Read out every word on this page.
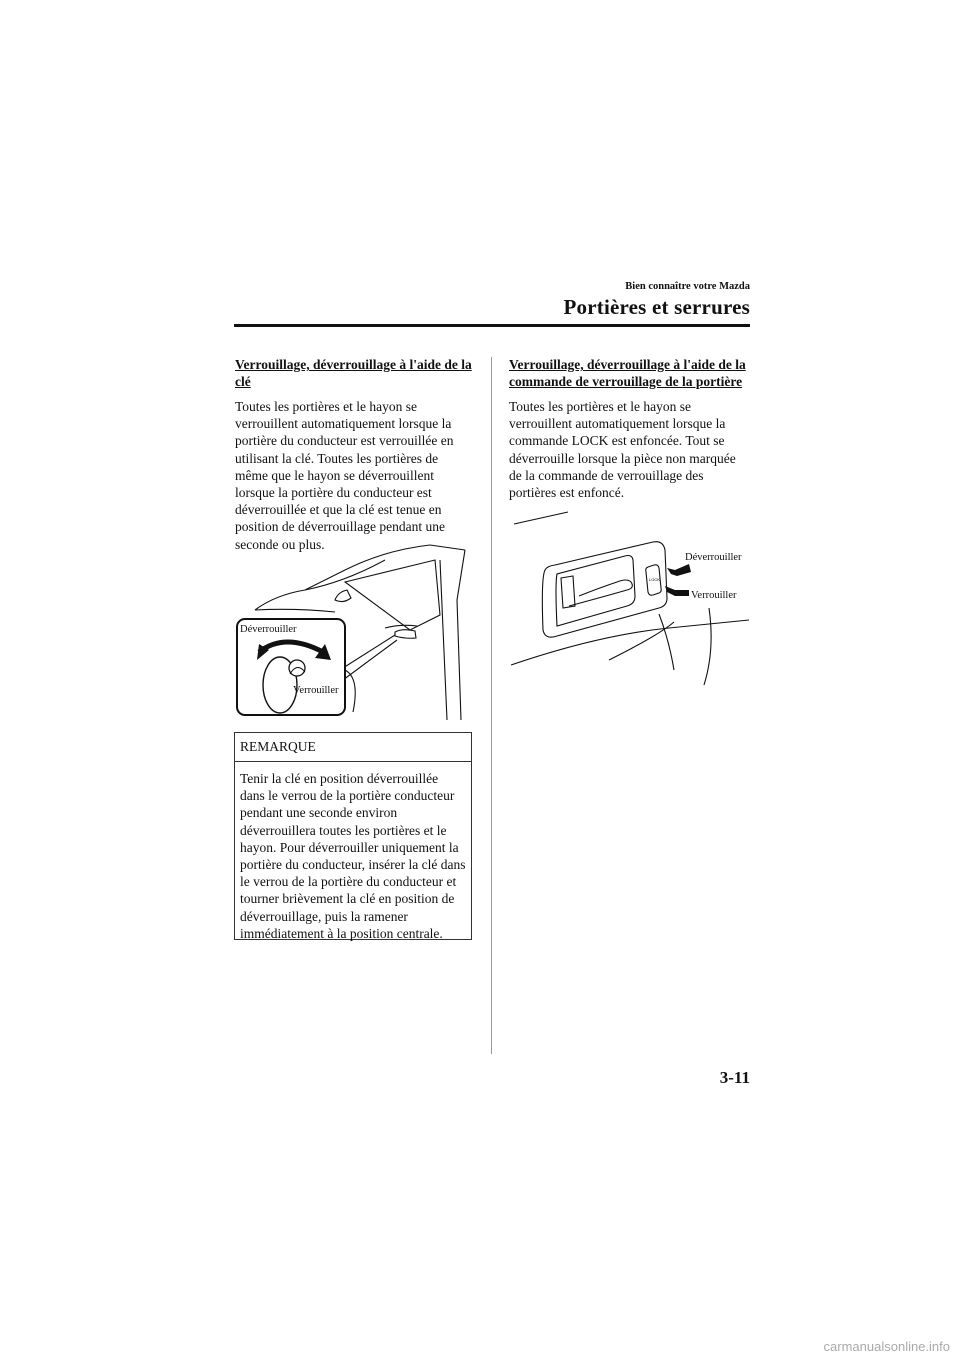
Bien connaître votre Mazda
Portières et serrures

Verrouillage, déverrouillage à l'aide de la clé

Toutes les portières et le hayon se verrouillent automatiquement lorsque la portière du conducteur est verrouillée en utilisant la clé. Toutes les portières de même que le hayon se déverrouillent lorsque la portière du conducteur est déverrouillée et que la clé est tenue en position de déverrouillage pendant une seconde ou plus.

Déverrouiller
Verrouiller
REMARQUE

Tenir la clé en position déverrouillée dans le verrou de la portière conducteur pendant une seconde environ déverrouillera toutes les portières et le hayon. Pour déverrouiller uniquement la portière du conducteur, insérer la clé dans le verrou de la portière du conducteur et tourner brièvement la clé en position de déverrouillage, puis la ramener immédiatement à la position centrale.

Verrouillage, déverrouillage à l'aide de la commande de verrouillage de la portière

Toutes les portières et le hayon se verrouillent automatiquement lorsque la commande LOCK est enfoncée. Tout se déverrouille lorsque la pièce non marquée de la commande de verrouillage des portières est enfoncé.

LOCK
Déverrouiller
Verrouiller
3-11
carmanualsonline.info
